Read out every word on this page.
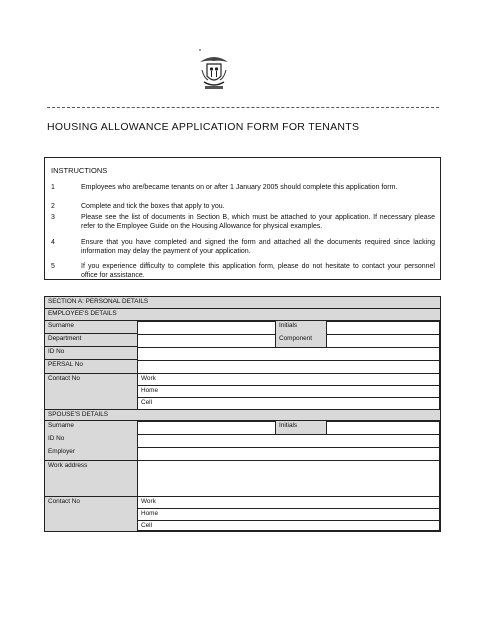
HOUSING ALLOWANCE APPLICATION FORM FOR TENANTS
INSTRUCTIONS
1	Employees who are/became tenants on or after 1 January 2005 should complete this application form.
2	Complete and tick the boxes that apply to you.
3	Please see the list of documents in Section B, which must be attached to your application. If necessary please refer to the Employee Guide on the Housing Allowance for physical examples.
4	Ensure that you have completed and signed the form and attached all the documents required since lacking information may delay the payment of your application.
5	If you experience difficulty to complete this application form, please do not hesitate to contact your personnel office for assistance.
SECTION A: PERSONAL DETAILS
EMPLOYEE'S DETAILS
Surname	Initials
Department	Component
ID No
PERSAL No
Contact No	Work
Home
Cell
SPOUSE'S DETAILS
Surname	Initials
ID No
Employer
Work address
Contact No	Work
Home
Cell
